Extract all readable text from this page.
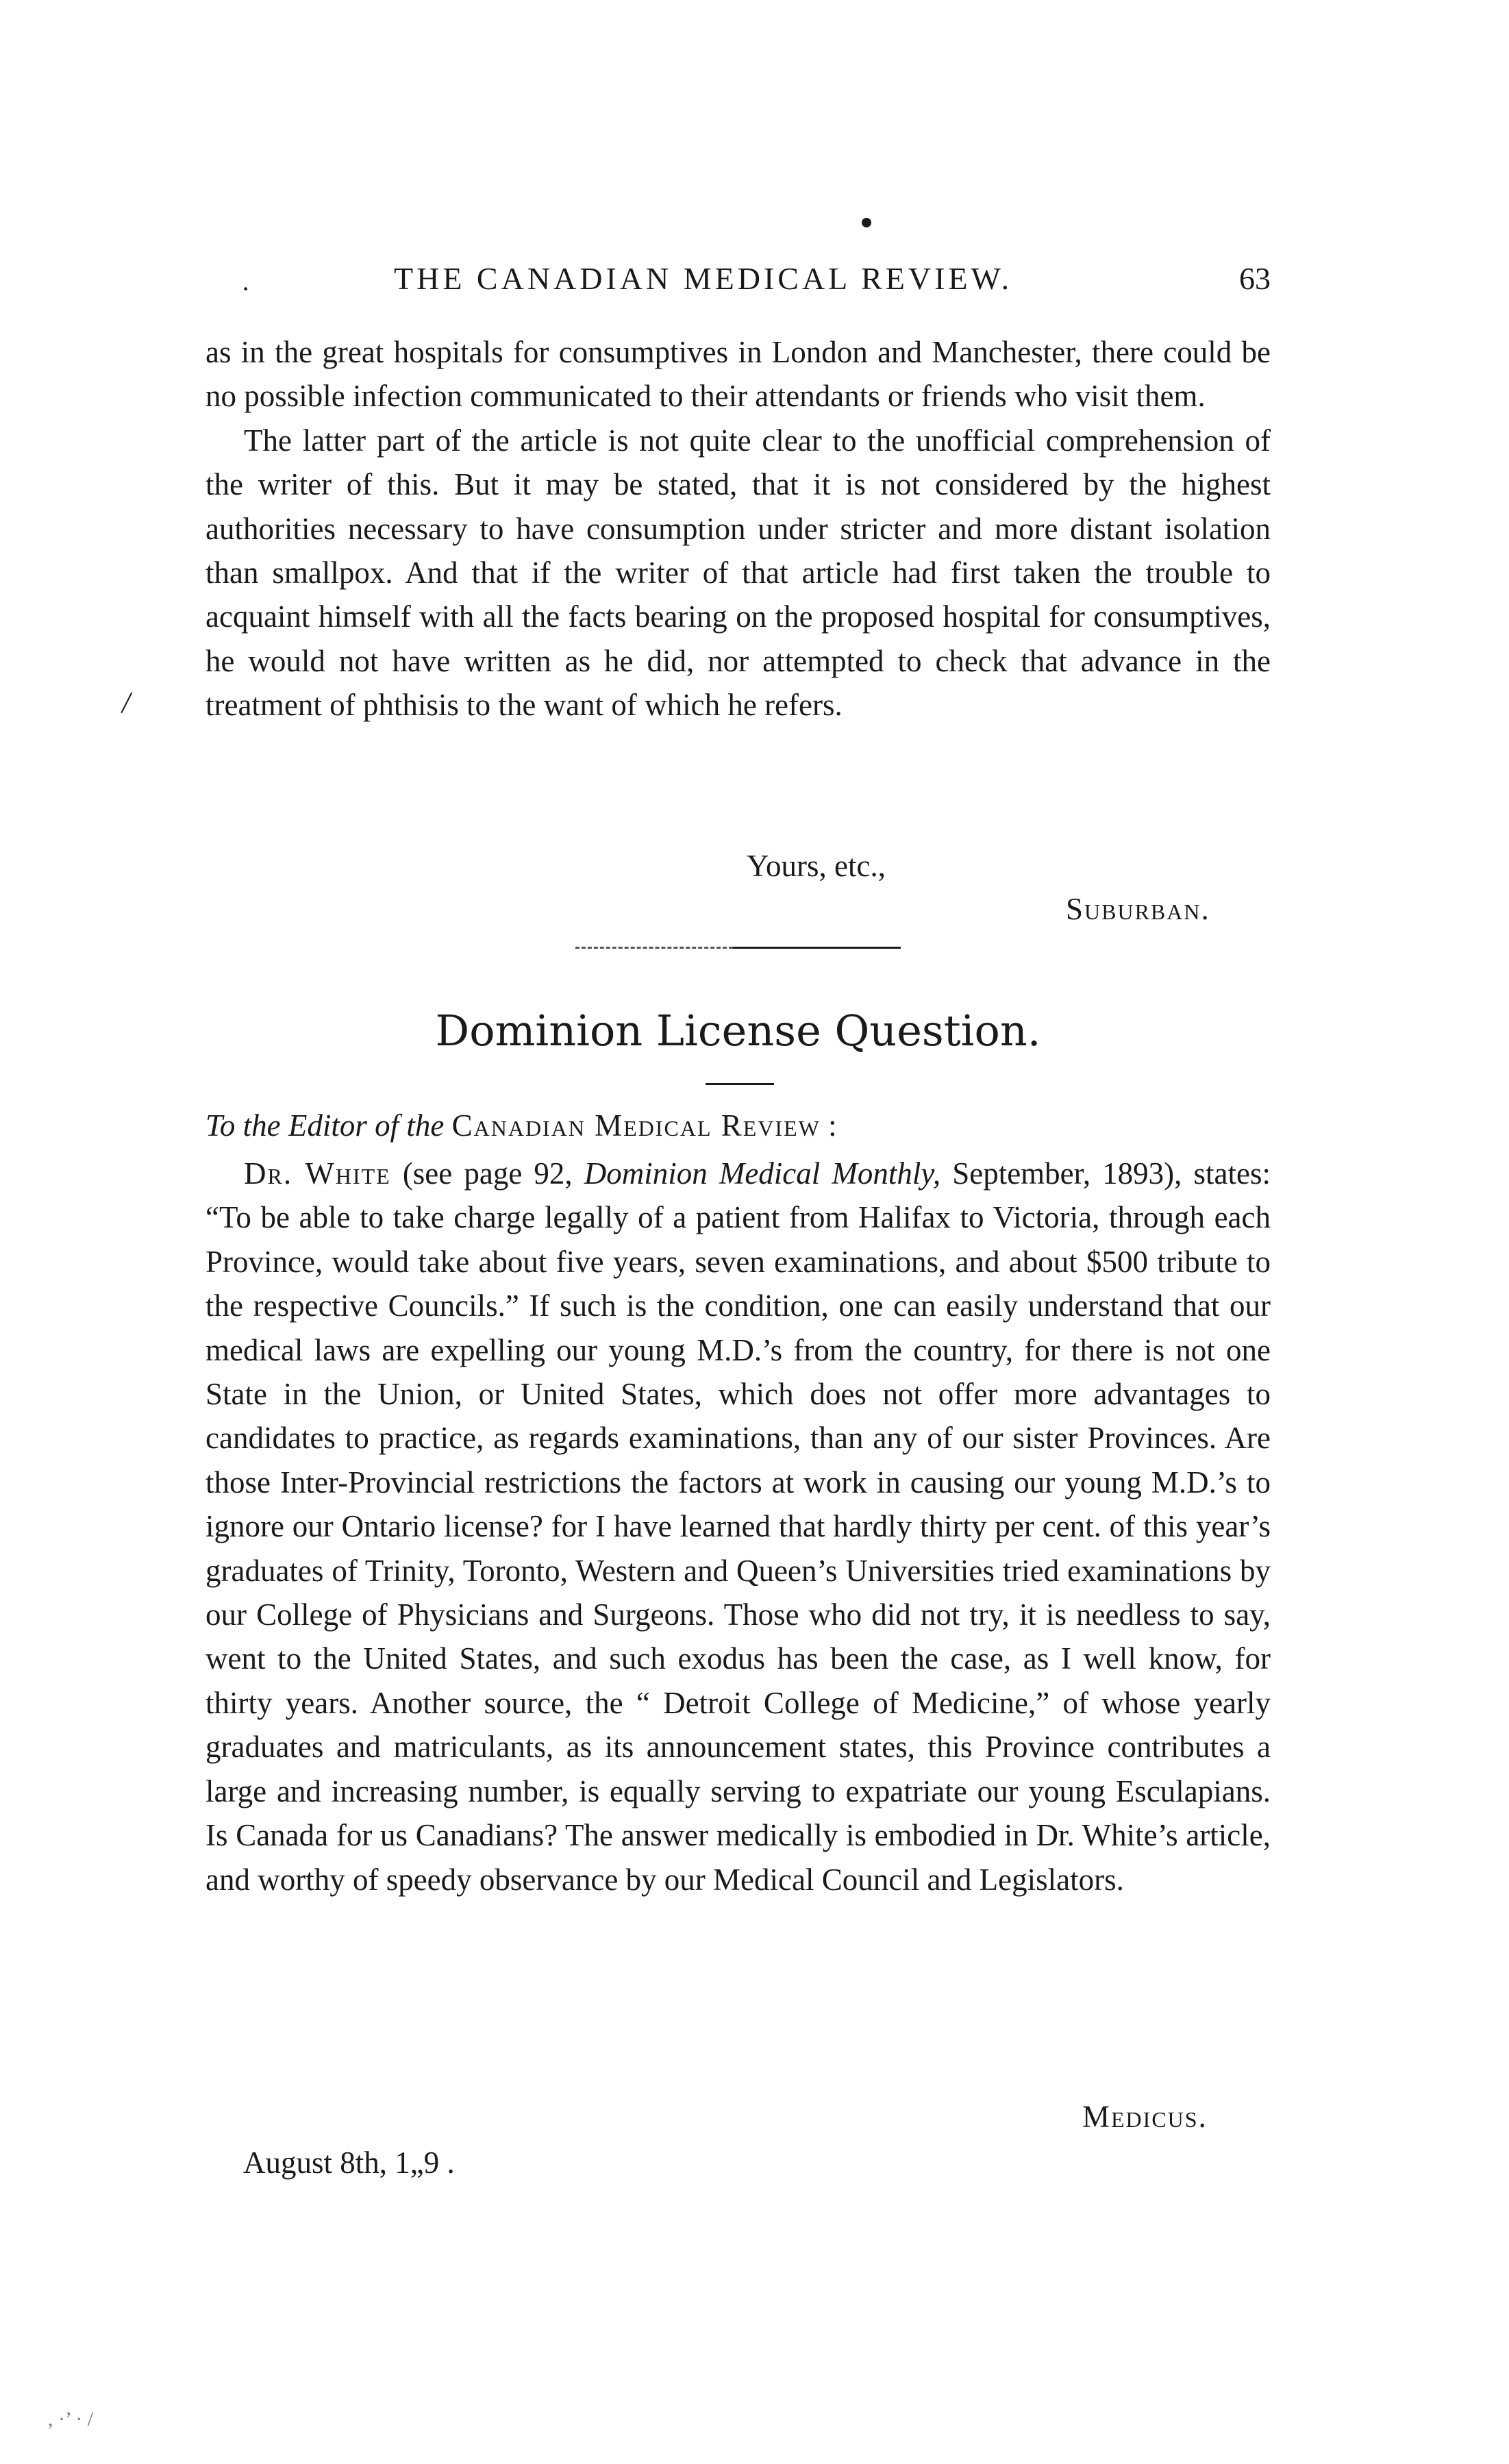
·	THE CANADIAN MEDICAL REVIEW.	63
/

as in the great hospitals for consumptives in London and Manchester, there could be no possible infection communicated to their attendants or friends who visit them.

The latter part of the article is not quite clear to the unofficial comprehension of the writer of this. But it may be stated, that it is not considered by the highest authorities necessary to have consumption under stricter and more distant isolation than smallpox. And that if the writer of that article had first taken the trouble to acquaint himself with all the facts bearing on the proposed hospital for consumptives, he would not have written as he did, nor attempted to check that advance in the treatment of phthisis to the want of which he refers.

Yours, etc.,
Suburban.
Dominion License Question.
To the Editor of the Canadian Medical Review :

Dr. White (see page 92, Dominion Medical Monthly, September, 1893), states: “To be able to take charge legally of a patient from Halifax to Victoria, through each Province, would take about five years, seven examinations, and about $500 tribute to the respective Councils.” If such is the condition, one can easily understand that our medical laws are expelling our young M.D.’s from the country, for there is not one State in the Union, or United States, which does not offer more advantages to candidates to practice, as regards examinations, than any of our sister Provinces. Are those Inter-Provincial restrictions the factors at work in causing our young M.D.’s to ignore our Ontario license? for I have learned that hardly thirty per cent. of this year’s graduates of Trinity, Toronto, Western and Queen’s Universities tried examinations by our College of Physicians and Surgeons. Those who did not try, it is needless to say, went to the United States, and such exodus has been the case, as I well know, for thirty years. Another source, the “ Detroit College of Medicine,” of whose yearly graduates and matriculants, as its announcement states, this Province contributes a large and increasing number, is equally serving to expatriate our young Esculapians. Is Canada for us Canadians? The answer medically is embodied in Dr. White’s article, and worthy of speedy observance by our Medical Council and Legislators.

Medicus.
August 8th, 1„9 .
, ·’ · /
